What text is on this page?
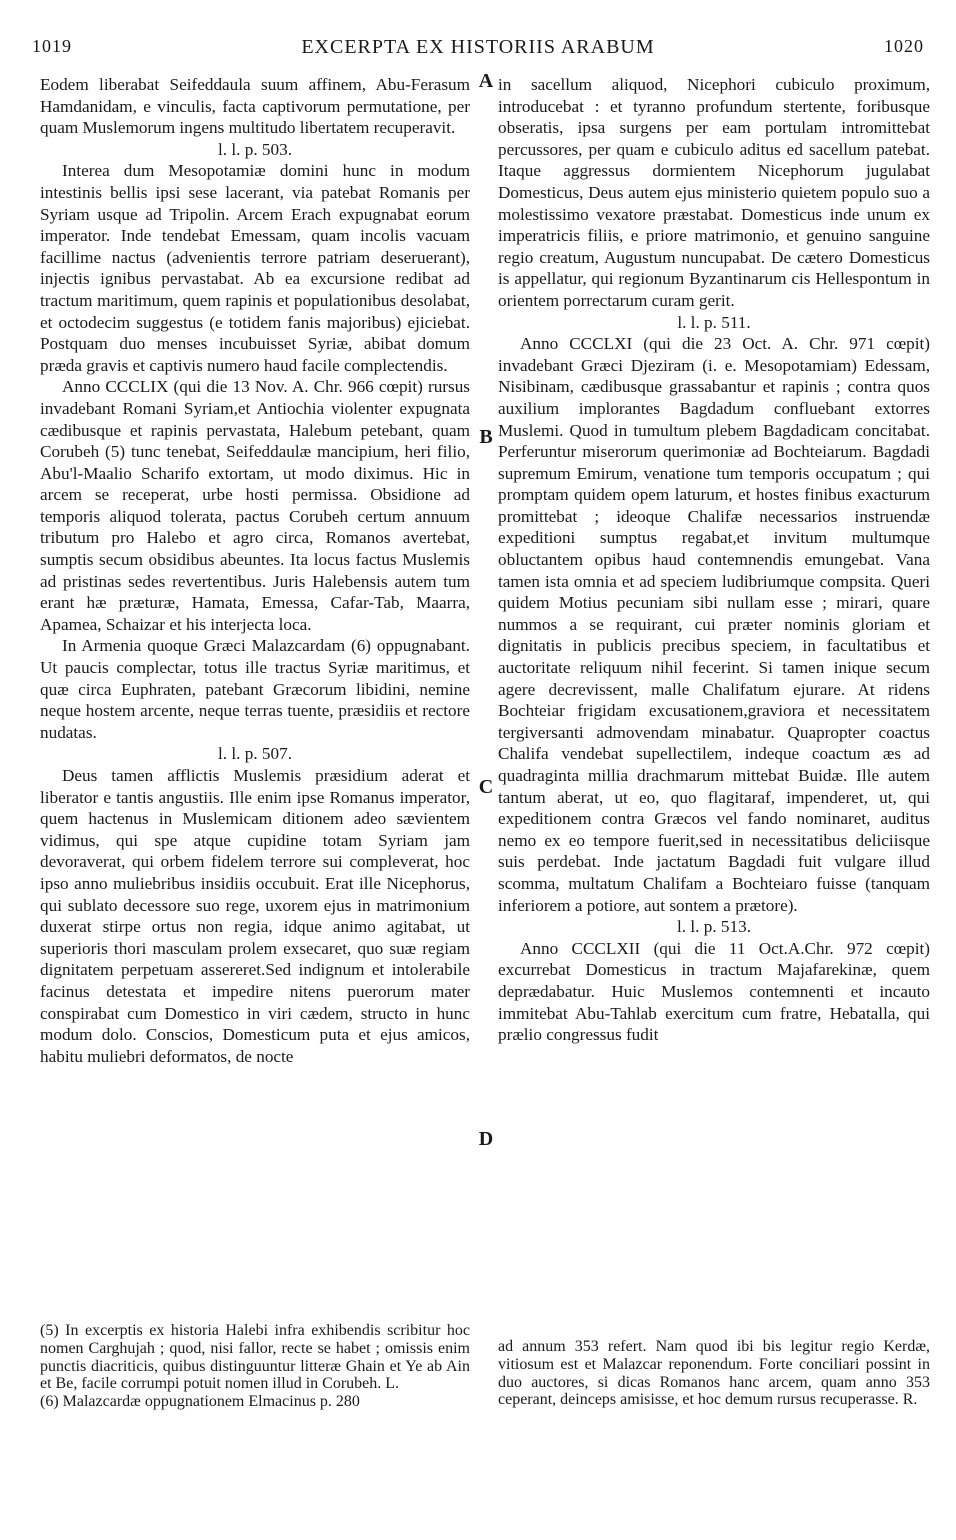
1019	EXCERPTA EX HISTORIIS ARABUM	1020
A
B
C
D

Eodem liberabat Seifeddaula suum affinem, Abu-Ferasum Hamdanidam, e vinculis, facta captivorum permutatione, per quam Muslemorum ingens multitudo libertatem recuperavit.

l. l. p. 503.

Interea dum Mesopotamiæ domini hunc in modum intestinis bellis ipsi sese lacerant, via patebat Romanis per Syriam usque ad Tripolin. Arcem Erach expugnabat eorum imperator. Inde tendebat Emessam, quam incolis vacuam facillime nactus (advenientis terrore patriam deseruerant), injectis ignibus pervastabat. Ab ea excursione redibat ad tractum maritimum, quem rapinis et populationibus desolabat, et octodecim suggestus (e totidem fanis majoribus) ejiciebat. Postquam duo menses incubuisset Syriæ, abibat domum præda gravis et captivis numero haud facile complectendis.

Anno CCCLIX (qui die 13 Nov. A. Chr. 966 cœpit) rursus invadebant Romani Syriam,et Antiochia violenter expugnata cædibusque et rapinis pervastata, Halebum petebant, quam Corubeh (5) tunc tenebat, Seifeddaulæ mancipium, heri filio, Abu'l-Maalio Scharifo extortam, ut modo diximus. Hic in arcem se receperat, urbe hosti permissa. Obsidione ad temporis aliquod tolerata, pactus Corubeh certum annuum tributum pro Halebo et agro circa, Romanos avertebat, sumptis secum obsidibus abeuntes. Ita locus factus Muslemis ad pristinas sedes revertentibus. Juris Halebensis autem tum erant hæ præturæ, Hamata, Emessa, Cafar-Tab, Maarra, Apamea, Schaizar et his interjecta loca.

In Armenia quoque Græci Malazcardam (6) oppugnabant. Ut paucis complectar, totus ille tractus Syriæ maritimus, et quæ circa Euphraten, patebant Græcorum libidini, nemine neque hostem arcente, neque terras tuente, præsidiis et rectore nudatas.

l. l. p. 507.

Deus tamen afflictis Muslemis præsidium aderat et liberator e tantis angustiis. Ille enim ipse Romanus imperator, quem hactenus in Muslemicam ditionem adeo sævientem vidimus, qui spe atque cupidine totam Syriam jam devoraverat, qui orbem fidelem terrore sui compleverat, hoc ipso anno muliebribus insidiis occubuit. Erat ille Nicephorus, qui sublato decessore suo rege, uxorem ejus in matrimonium duxerat stirpe ortus non regia, idque animo agitabat, ut superioris thori masculam prolem exsecaret, quo suæ regiam dignitatem perpetuam assereret.Sed indignum et intolerabile facinus detestata et impedire nitens puerorum mater conspirabat cum Domestico in viri cædem, structo in hunc modum dolo. Conscios, Domesticum puta et ejus amicos, habitu muliebri deformatos, de nocte

in sacellum aliquod, Nicephori cubiculo proximum, introducebat : et tyranno profundum stertente, foribusque obseratis, ipsa surgens per eam portulam intromittebat percussores, per quam e cubiculo aditus ed sacellum patebat. Itaque aggressus dormientem Nicephorum jugulabat Domesticus, Deus autem ejus ministerio quietem populo suo a molestissimo vexatore præstabat. Domesticus inde unum ex imperatricis filiis, e priore matrimonio, et genuino sanguine regio creatum, Augustum nuncupabat. De cætero Domesticus is appellatur, qui regionum Byzantinarum cis Hellespontum in orientem porrectarum curam gerit.

l. l. p. 511.

Anno CCCLXI (qui die 23 Oct. A. Chr. 971 cœpit) invadebant Græci Djeziram (i. e. Mesopotamiam) Edessam, Nisibinam, cædibusque grassabantur et rapinis ; contra quos auxilium implorantes Bagdadum confluebant extorres Muslemi. Quod in tumultum plebem Bagdadicam concitabat. Perferuntur miserorum querimoniæ ad Bochteiarum. Bagdadi supremum Emirum, venatione tum temporis occupatum ; qui promptam quidem opem laturum, et hostes finibus exacturum promittebat ; ideoque Chalifæ necessarios instruendæ expeditioni sumptus regabat,et invitum multumque obluctantem opibus haud contemnendis emungebat. Vana tamen ista omnia et ad speciem ludibriumque compsita. Queri quidem Motius pecuniam sibi nullam esse ; mirari, quare nummos a se requirant, cui præter nominis gloriam et dignitatis in publicis precibus speciem, in facultatibus et auctoritate reliquum nihil fecerint. Si tamen inique secum agere decrevissent, malle Chalifatum ejurare. At ridens Bochteiar frigidam excusationem,graviora et necessitatem tergiversanti admovendam minabatur. Quapropter coactus Chalifa vendebat supellectilem, indeque coactum æs ad quadraginta millia drachmarum mittebat Buidæ. Ille autem tantum aberat, ut eo, quo flagitaraf, impenderet, ut, qui expeditionem contra Græcos vel fando nominaret, auditus nemo ex eo tempore fuerit,sed in necessitatibus deliciisque suis perdebat. Inde jactatum Bagdadi fuit vulgare illud scomma, multatum Chalifam a Bochteiaro fuisse (tanquam inferiorem a potiore, aut sontem a prætore).

l. l. p. 513.

Anno CCCLXII (qui die 11 Oct.A.Chr. 972 cœpit) excurrebat Domesticus in tractum Majafarekinæ, quem deprædabatur. Huic Muslemos contemnenti et incauto immitebat Abu-Tahlab exercitum cum fratre, Hebatalla, qui prælio congressus fudit

(5) In excerptis ex historia Halebi infra exhibendis scribitur hoc nomen Carghujah ; quod, nisi fallor, recte se habet ; omissis enim punctis diacriticis, quibus distinguuntur litteræ Ghain et Ye ab Ain et Be, facile corrumpi potuit nomen illud in Corubeh. L.

(6) Malazcardæ oppugnationem Elmacinus p. 280

ad annum 353 refert. Nam quod ibi bis legitur regio Kerdæ, vitiosum est et Malazcar reponendum. Forte conciliari possint in duo auctores, si dicas Romanos hanc arcem, quam anno 353 ceperant, deinceps amisisse, et hoc demum rursus recuperasse. R.
